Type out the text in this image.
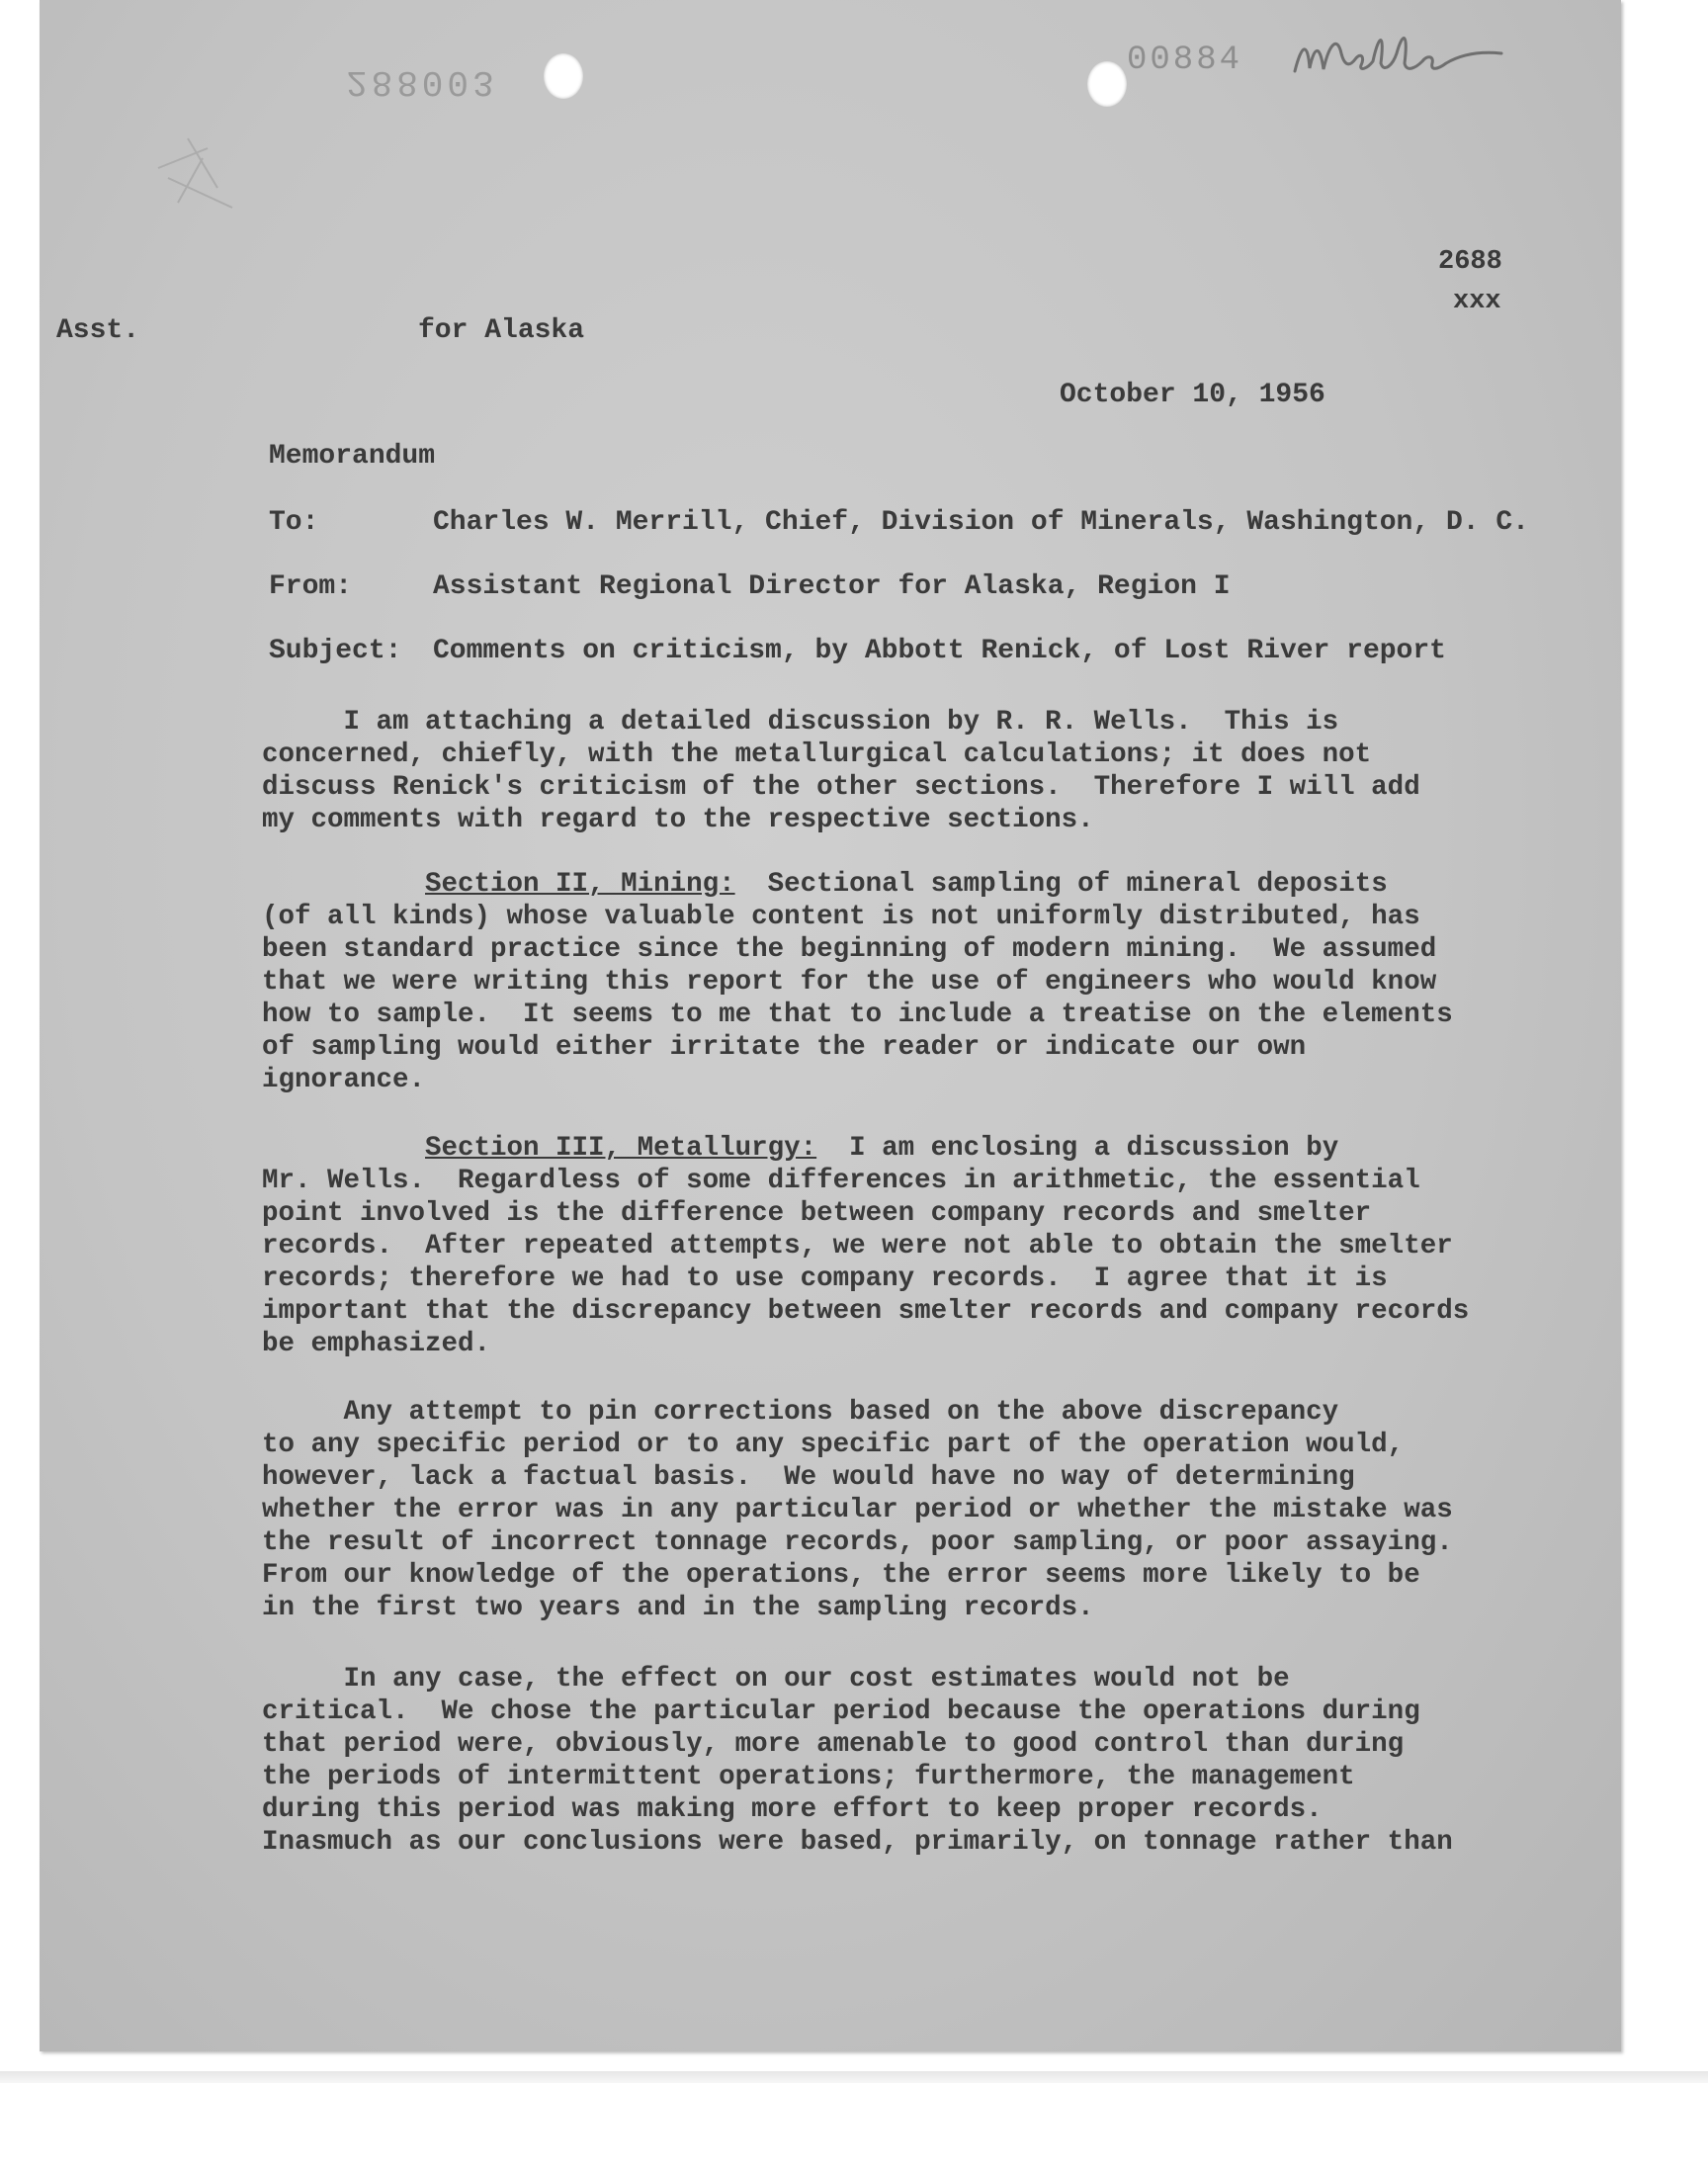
288003
00884
2688
xxx
Asst.	for Alaska
October 10, 1956
Memorandum
To:	Charles W. Merrill, Chief, Division of Minerals, Washington, D. C.
From:	Assistant Regional Director for Alaska, Region I
Subject: Comments on criticism, by Abbott Renick, of Lost River report
I am attaching a detailed discussion by R. R. Wells.  This is
concerned, chiefly, with the metallurgical calculations; it does not
discuss Renick's criticism of the other sections.  Therefore I will add
my comments with regard to the respective sections.
Section II, Mining:  Sectional sampling of mineral deposits
(of all kinds) whose valuable content is not uniformly distributed, has
been standard practice since the beginning of modern mining.  We assumed
that we were writing this report for the use of engineers who would know
how to sample.  It seems to me that to include a treatise on the elements
of sampling would either irritate the reader or indicate our own
ignorance.
Section III, Metallurgy:  I am enclosing a discussion by
Mr. Wells.  Regardless of some differences in arithmetic, the essential
point involved is the difference between company records and smelter
records.  After repeated attempts, we were not able to obtain the smelter
records; therefore we had to use company records.  I agree that it is
important that the discrepancy between smelter records and company records
be emphasized.
Any attempt to pin corrections based on the above discrepancy
to any specific period or to any specific part of the operation would,
however, lack a factual basis.  We would have no way of determining
whether the error was in any particular period or whether the mistake was
the result of incorrect tonnage records, poor sampling, or poor assaying.
From our knowledge of the operations, the error seems more likely to be
in the first two years and in the sampling records.
In any case, the effect on our cost estimates would not be
critical.  We chose the particular period because the operations during
that period were, obviously, more amenable to good control than during
the periods of intermittent operations; furthermore, the management
during this period was making more effort to keep proper records.
Inasmuch as our conclusions were based, primarily, on tonnage rather than
